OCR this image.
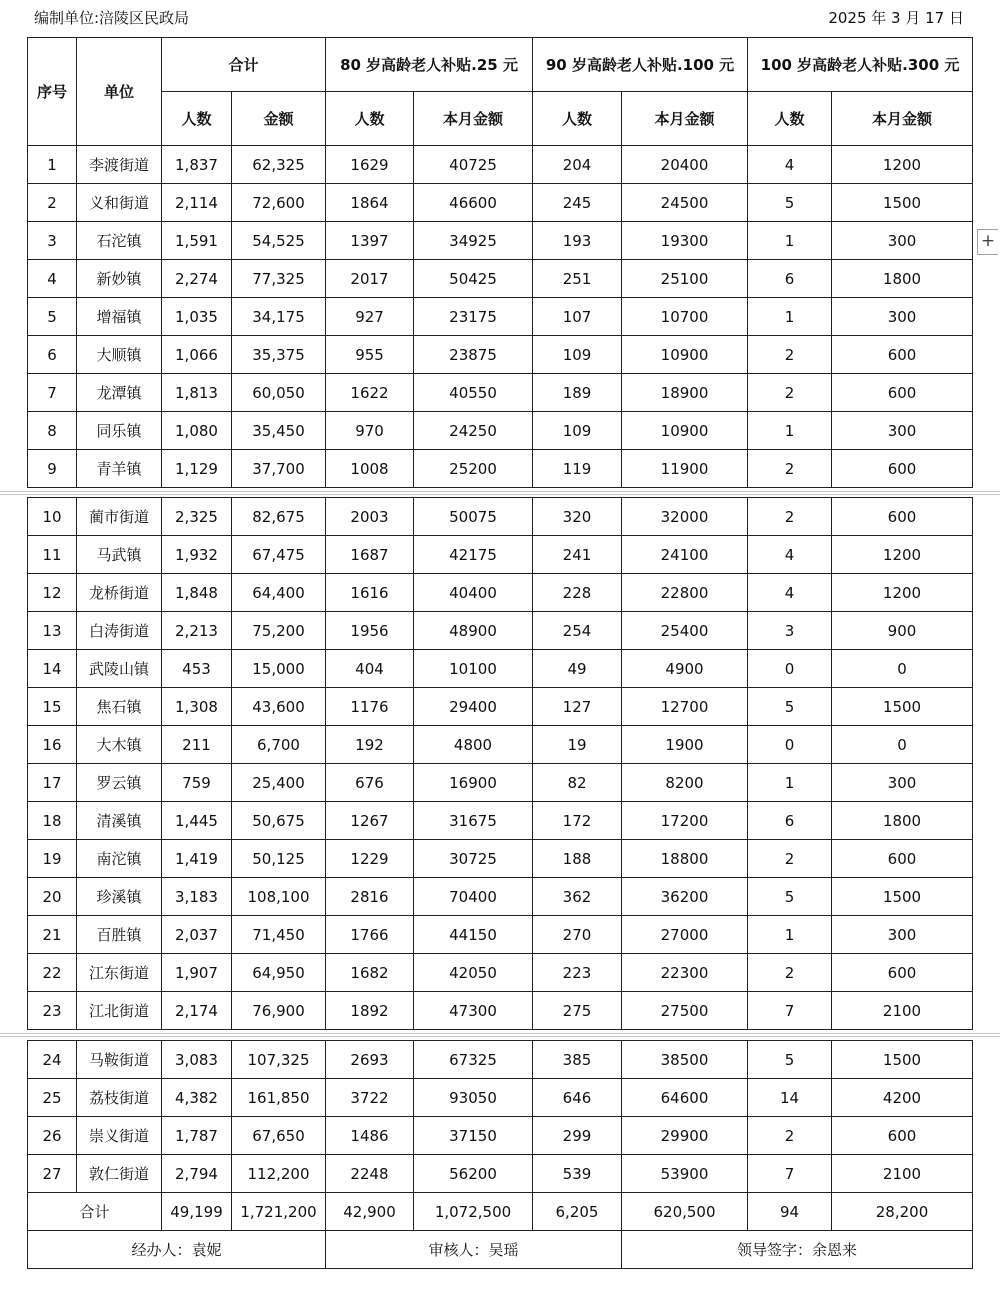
编制单位:涪陵区民政局	2025 年 3 月 17 日
序号	单位	合计		80 岁高龄老人补贴.25 元		90 岁高龄老人补贴.100 元		100 岁高龄老人补贴.300 元	
		人数	金额	人数	本月金额	人数	本月金额	人数	本月金额
1	李渡街道	1,837	62,325	1629	40725	204	20400	4	1200
2	义和街道	2,114	72,600	1864	46600	245	24500	5	1500
3	石沱镇	1,591	54,525	1397	34925	193	19300	1	300
4	新妙镇	2,274	77,325	2017	50425	251	25100	6	1800
5	增福镇	1,035	34,175	927	23175	107	10700	1	300
6	大顺镇	1,066	35,375	955	23875	109	10900	2	600
7	龙潭镇	1,813	60,050	1622	40550	189	18900	2	600
8	同乐镇	1,080	35,450	970	24250	109	10900	1	300
9	青羊镇	1,129	37,700	1008	25200	119	11900	2	600
10	蔺市街道	2,325	82,675	2003	50075	320	32000	2	600
11	马武镇	1,932	67,475	1687	42175	241	24100	4	1200
12	龙桥街道	1,848	64,400	1616	40400	228	22800	4	1200
13	白涛街道	2,213	75,200	1956	48900	254	25400	3	900
14	武陵山镇	453	15,000	404	10100	49	4900	0	0
15	焦石镇	1,308	43,600	1176	29400	127	12700	5	1500
16	大木镇	211	6,700	192	4800	19	1900	0	0
17	罗云镇	759	25,400	676	16900	82	8200	1	300
18	清溪镇	1,445	50,675	1267	31675	172	17200	6	1800
19	南沱镇	1,419	50,125	1229	30725	188	18800	2	600
20	珍溪镇	3,183	108,100	2816	70400	362	36200	5	1500
21	百胜镇	2,037	71,450	1766	44150	270	27000	1	300
22	江东街道	1,907	64,950	1682	42050	223	22300	2	600
23	江北街道	2,174	76,900	1892	47300	275	27500	7	2100
24	马鞍街道	3,083	107,325	2693	67325	385	38500	5	1500
25	荔枝街道	4,382	161,850	3722	93050	646	64600	14	4200
26	崇义街道	1,787	67,650	1486	37150	299	29900	2	600
27	敦仁街道	2,794	112,200	2248	56200	539	53900	7	2100
合计		49,199	1,721,200	42,900	1,072,500	6,205	620,500	94	28,200
经办人：袁妮				审核人：吴瑶			领导签字：余恩来		
+
